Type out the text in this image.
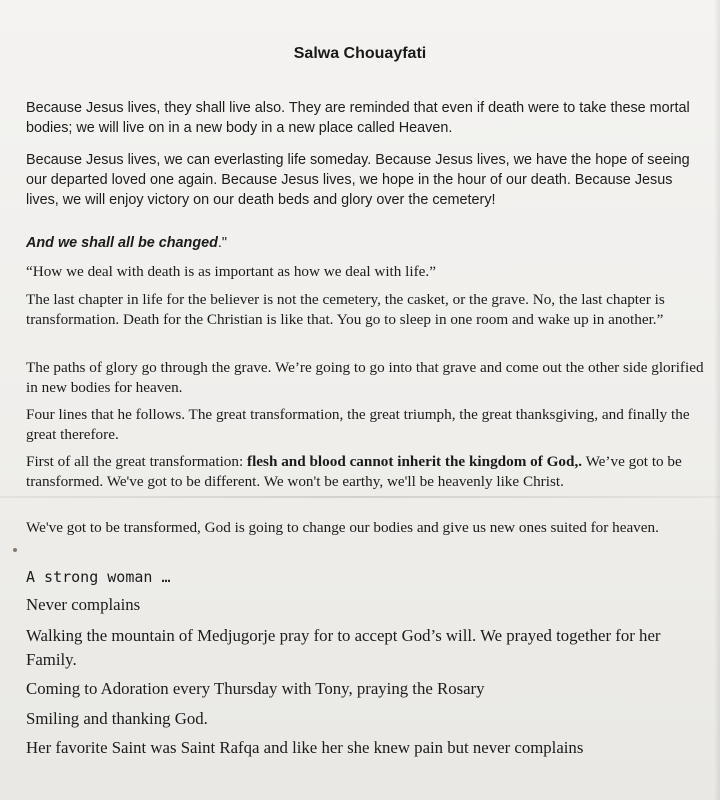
Salwa Chouayfati

Because Jesus lives, they shall live also. They are reminded that even if death were to take these mortal bodies; we will live on in a new body in a new place called Heaven.

Because Jesus lives, we can everlasting life someday. Because Jesus lives, we have the hope of seeing our departed loved one again. Because Jesus lives, we hope in the hour of our death. Because Jesus lives, we will enjoy victory on our death beds and glory over the cemetery!

And we shall all be changed."

“How we deal with death is as important as how we deal with life.”

The last chapter in life for the believer is not the cemetery, the casket, or the grave. No, the last chapter is transformation. Death for the Christian is like that. You go to sleep in one room and wake up in another.”

The paths of glory go through the grave. We’re going to go into that grave and come out the other side glorified in new bodies for heaven.

Four lines that he follows. The great transformation, the great triumph, the great thanksgiving, and finally the great therefore.

First of all the great transformation: flesh and blood cannot inherit the kingdom of God,. We’ve got to be transformed. We've got to be different. We won't be earthy, we'll be heavenly like Christ.

We've got to be transformed, God is going to change our bodies and give us new ones suited for heaven.

A strong woman …

Never complains

Walking the mountain of Medjugorje pray for to accept God’s will. We prayed together for her Family.

Coming to Adoration every Thursday with Tony, praying the Rosary

Smiling and thanking God.

Her favorite Saint was Saint Rafqa and like her she knew pain but never complains
